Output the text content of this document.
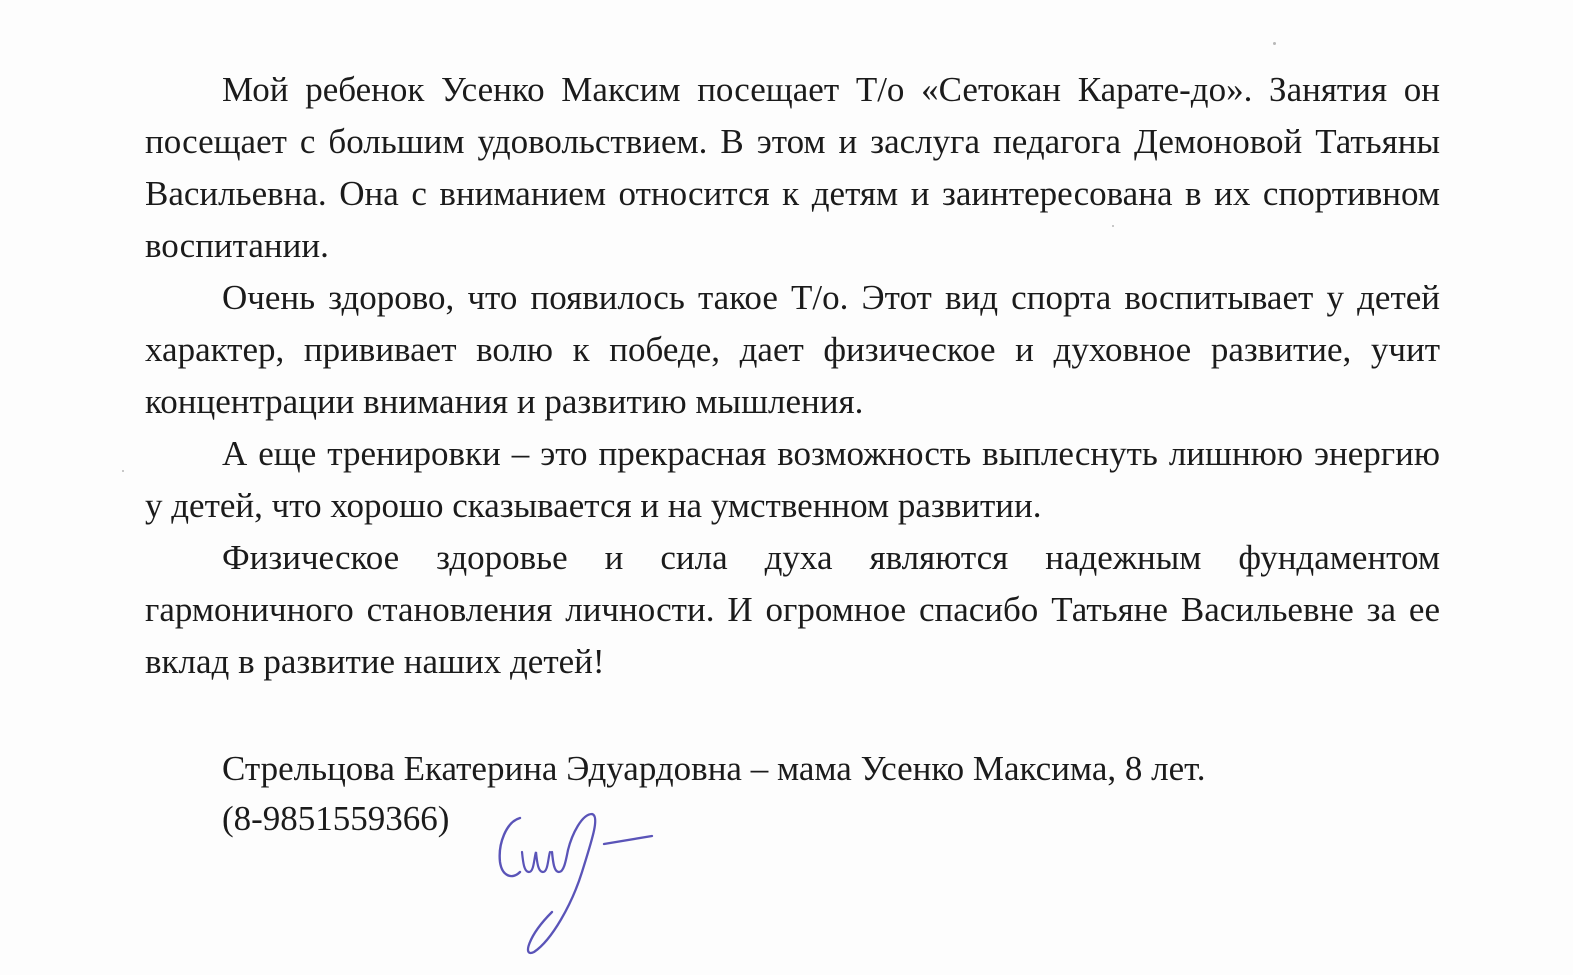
Мой ребенок Усенко Максим посещает Т/о «Сетокан Карате-до». Занятия он посещает с большим удовольствием. В этом и заслуга педагога Демоновой Татьяны Васильевна. Она с вниманием относится к детям и заинтересована в их спортивном воспитании.

Очень здорово, что появилось такое Т/о. Этот вид спорта воспитывает у детей характер, прививает волю к победе, дает физическое и духовное развитие, учит концентрации внимания и развитию мышления.

А еще тренировки – это прекрасная возможность выплеснуть лишнюю энергию у детей, что хорошо сказывается и на умственном развитии.

Физическое здоровье и сила духа являются надежным фундаментом гармоничного становления личности. И огромное спасибо Татьяне Васильевне за ее вклад в развитие наших детей!

Стрельцова Екатерина Эдуардовна – мама Усенко Максима, 8 лет.
(8-9851559366)
